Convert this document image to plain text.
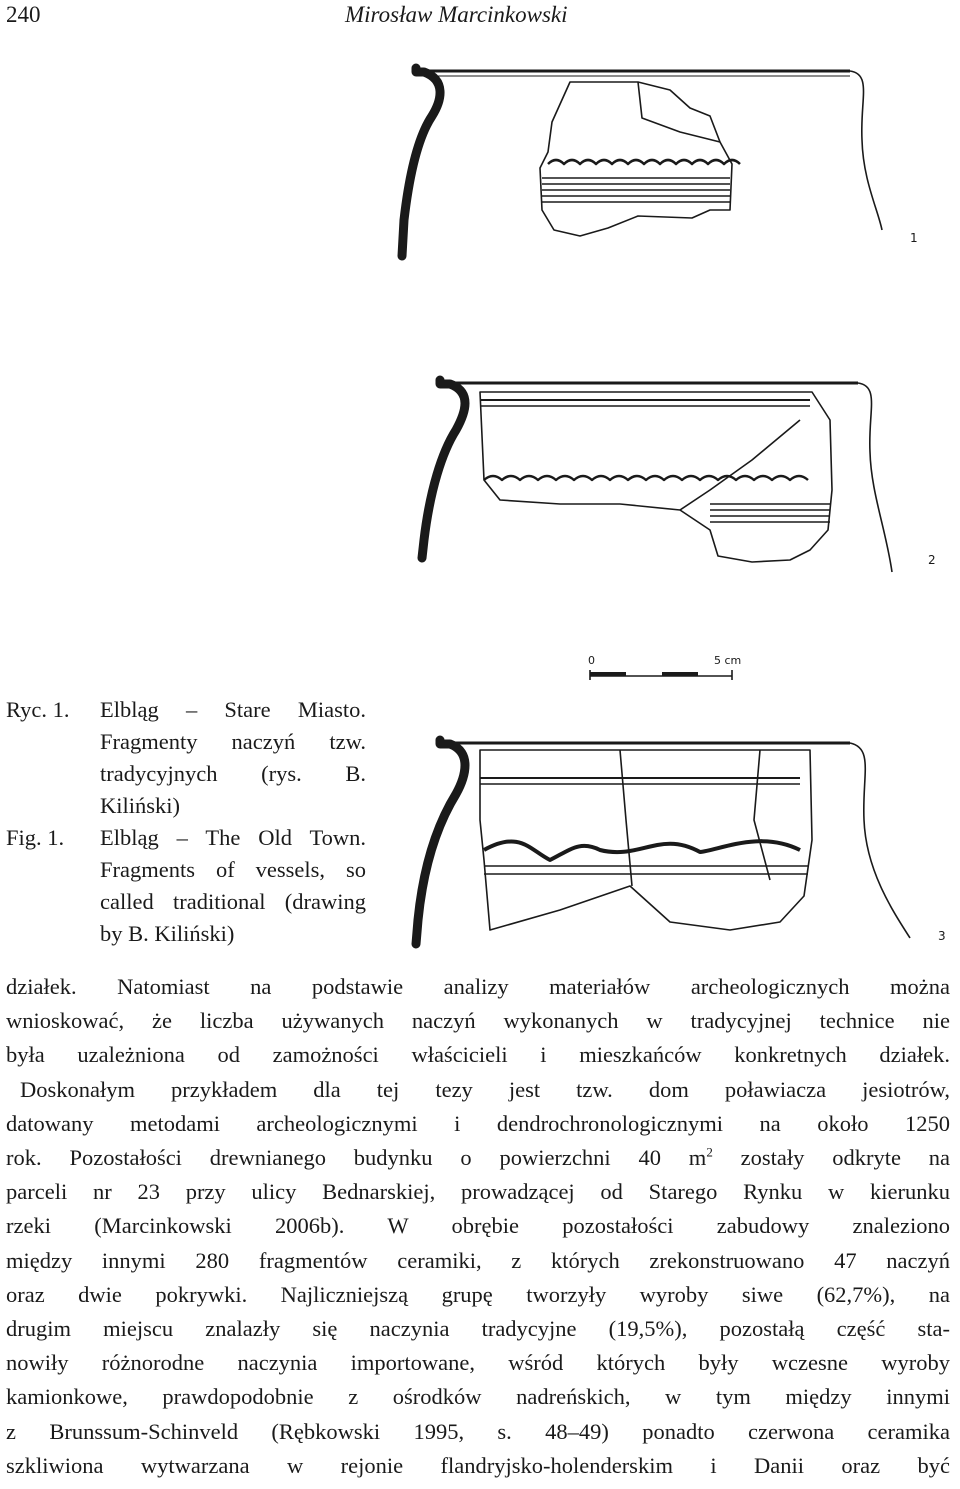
240	Mirosław Marcinkowski
1
2
3
0	5 cm
Ryc. 1.	Elbląg – Stare Miasto. Fragmenty naczyń tzw. tradycyjnych (rys. B. Kiliński)
Fig. 1.	Elbląg – The Old Town. Fragments of vessels, so called traditional (drawing by B. Kiliński)

działek. Natomiast na podstawie analizy materiałów archeologicznych można

wnioskować, że liczba używanych naczyń wykonanych w tradycyjnej technice nie

była uzależniona od zamożności właścicieli i mieszkańców konkretnych działek.

Doskonałym przykładem dla tej tezy jest tzw. dom poławiacza jesiotrów,

datowany metodami archeologicznymi i dendrochronologicznymi na około 1250

rok. Pozostałości drewnianego budynku o powierzchni 40 $m^2$ zostały odkryte na

parceli nr 23 przy ulicy Bednarskiej, prowadzącej od Starego Rynku w kierunku

rzeki (Marcinkowski 2006b). W obrębie pozostałości zabudowy znaleziono

między innymi 280 fragmentów ceramiki, z których zrekonstruowano 47 naczyń

oraz dwie pokrywki. Najliczniejszą grupę tworzyły wyroby siwe (62,7%), na

drugim miejscu znalazły się naczynia tradycyjne (19,5%), pozostałą część sta-

nowiły różnorodne naczynia importowane, wśród których były wczesne wyroby

kamionkowe, prawdopodobnie z ośrodków nadreńskich, w tym między innymi

z Brunssum-Schinveld (Rębkowski 1995, s. 48–49) ponadto czerwona ceramika

szkliwiona wytwarzana w rejonie flandryjsko-holenderskim i Danii oraz być
